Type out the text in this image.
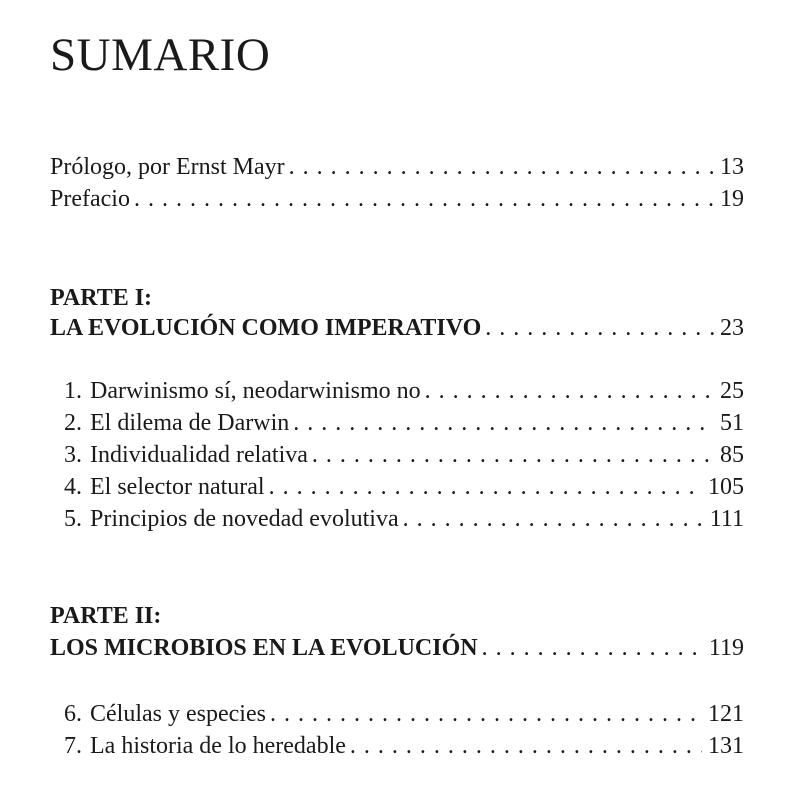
SUMARIO
Prólogo, por Ernst Mayr . . .	13
Prefacio . . .	19
PARTE I:
LA EVOLUCIÓN COMO IMPERATIVO . . .	23
1. Darwinismo sí, neodarwinismo no . . .	25
2. El dilema de Darwin . . .	51
3. Individualidad relativa . . .	85
4. El selector natural . . .	105
5. Principios de novedad evolutiva . . .	111
PARTE II:
LOS MICROBIOS EN LA EVOLUCIÓN . . .	119
6. Células y especies . . .	121
7. La historia de lo heredable . . .	131
